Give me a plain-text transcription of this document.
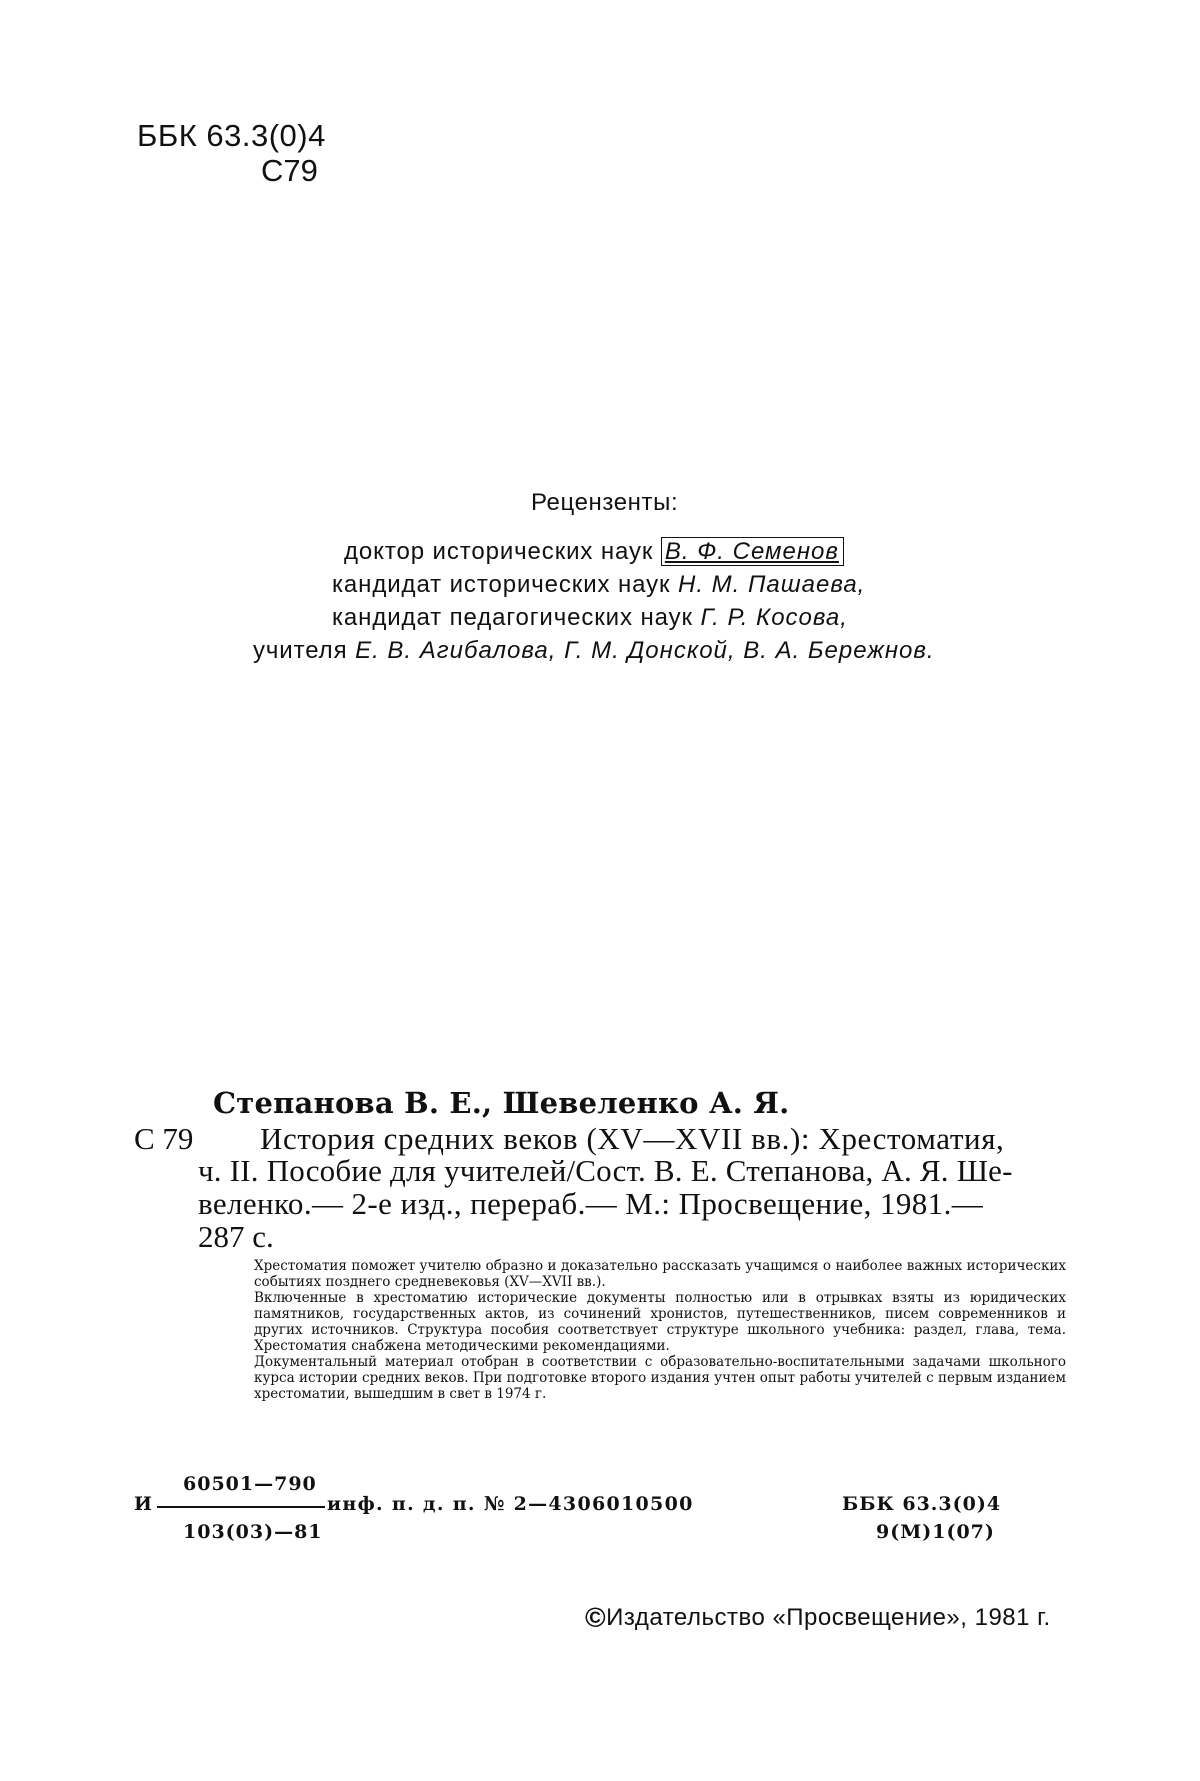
ББК 63.3(0)4
С79
Рецензенты:
доктор исторических наук В. Ф. Семенов
кандидат исторических наук Н. М. Пашаева,
кандидат педагогических наук Г. Р. Косова,
учителя Е. В. Агибалова, Г. М. Донской, В. А. Бережнов.
Степанова В. Е., Шевеленко А. Я.
С 79 История средних веков (XV—XVII вв.): Хрестоматия,
ч. II. Пособие для учителей/Сост. В. Е. Степанова, А. Я. Ше-
веленко.— 2-е изд., перераб.— М.: Просвещение, 1981.—
287 с.

Хрестоматия поможет учителю образно и доказательно рассказать учащимся о наиболее важных исторических событиях позднего средневековья (XV—XVII вв.).

Включенные в хрестоматию исторические документы полностью или в отрывках взяты из юридических памятников, государственных актов, из сочинений хронистов, путешественников, писем современников и других источников. Структура пособия соответствует структуре школьного учебника: раздел, глава, тема. Хрестоматия снабжена методическими рекомендациями.

Документальный материал отобран в соответствии с образовательно-воспитательными задачами школьного курса истории средних веков. При подготовке второго издания учтен опыт работы учителей с первым изданием хрестоматии, вышедшим в свет в 1974 г.

60501—790
И	инф. п. д. п. № 2—4306010500
103(03)—81
ББК 63.3(0)4
9(М)1(07)
©Издательство «Просвещение», 1981 г.
